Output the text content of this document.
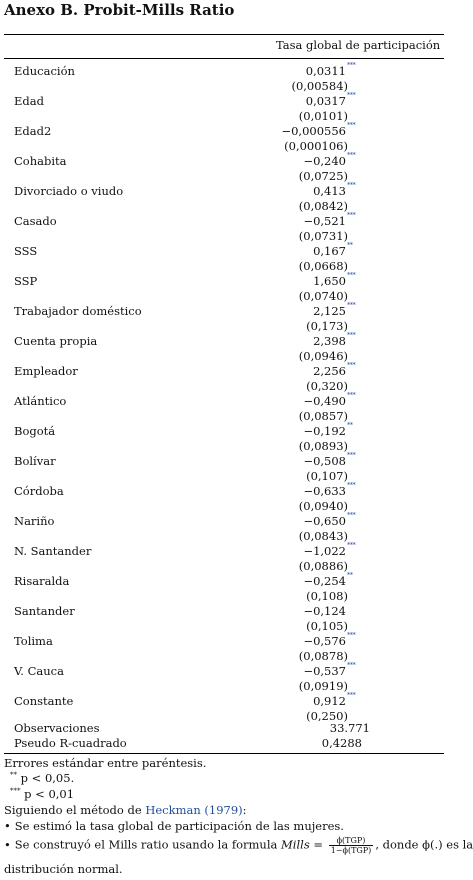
Anexo B. Probit-Mills Ratio
Tasa global de participación
Educación	0,0311 ***
(0,00584)
Edad	0,0317 ***
(0,0101)
Edad2	−0,000556 ***
(0,000106)
Cohabita	−0,240 ***
(0,0725)
Divorciado o viudo	0,413 ***
(0,0842)
Casado	−0,521 ***
(0,0731)
SSS	0,167 **
(0,0668)
SSP	1,650 ***
(0,0740)
Trabajador doméstico	2,125 ***
(0,173)
Cuenta propia	2,398 ***
(0,0946)
Empleador	2,256 ***
(0,320)
Atlántico	−0,490 ***
(0,0857)
Bogotá	−0,192 **
(0,0893)
Bolívar	−0,508 ***
(0,107)
Córdoba	−0,633 ***
(0,0940)
Nariño	−0,650 ***
(0,0843)
N. Santander	−1,022 ***
(0,0886)
Risaralda	−0,254 **
(0,108)
Santander	−0,124
(0,105)
Tolima	−0,576 ***
(0,0878)
V. Cauca	−0,537 ***
(0,0919)
Constante	0,912 ***
(0,250)
Observaciones	33.771
Pseudo R-cuadrado	0,4288
Errores estándar entre paréntesis.
** p < 0,05.
*** p < 0,01
Siguiendo el método de Heckman (1979):
• Se estimó la tasa global de participación de las mujeres.
• Se construyó el Mills ratio usando la formula Mills = $\frac{\text{ϕ(TGP)}}{\text{1−ϕ(TGP)}}$ , donde ϕ(.) es la
distribución normal.
